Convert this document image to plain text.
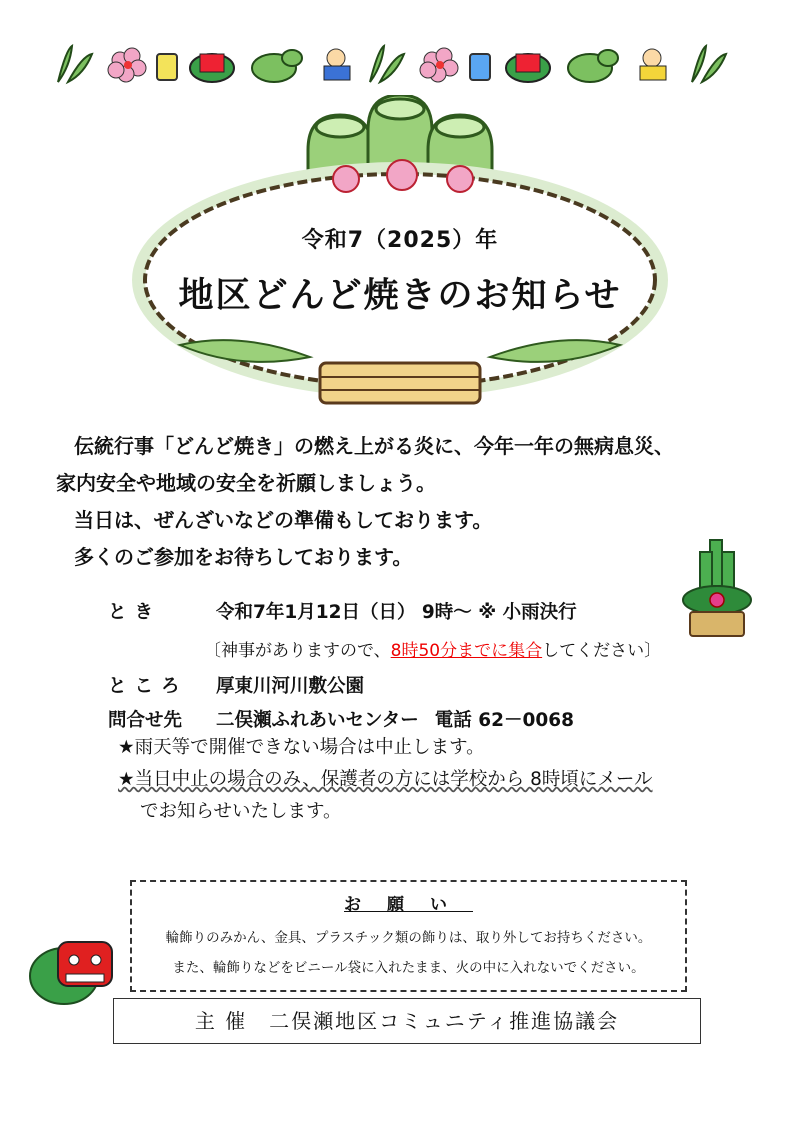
令和7（2025）年
地区どんど焼きのお知らせ

伝統行事「どんど焼き」の燃え上がる炎に、今年一年の無病息災、

家内安全や地域の安全を祈願しましょう。

当日は、ぜんざいなどの準備もしております。

多くのご参加をお待ちしております。

とき	令和7年1月12日（日） 9時～ ※ 小雨決行
〔神事がありますので、8時50分までに集合してください〕
ところ 厚東川河川敷公園
問合せ先 二俣瀬ふれあいセンター 電話 62－0068
★雨天等で開催できない場合は中止します。
★当日中止の場合のみ、保護者の方には学校から 8時頃にメール
でお知らせいたします。
お願い
輪飾りのみかん、金具、プラスチック類の飾りは、取り外してお持ちください。
また、輪飾りなどをビニール袋に入れたまま、火の中に入れないでください。
主 催　二俣瀬地区コミュニティ推進協議会
